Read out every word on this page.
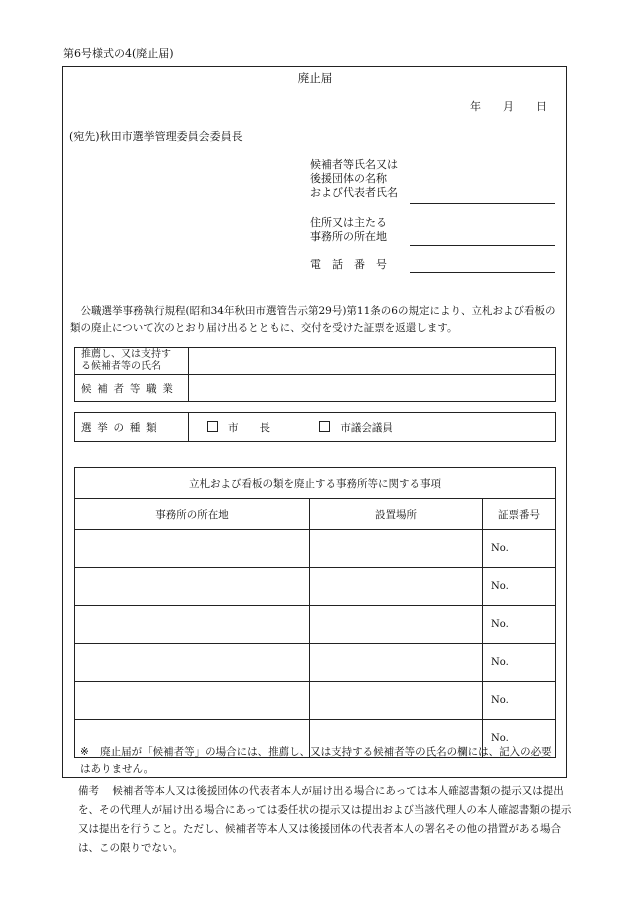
第6号様式の4(廃止届)
廃止届
年 月 日
(宛先)秋田市選挙管理委員会委員長
候補者等氏名又は
後援団体の名称
および代表者氏名
住所又は主たる
事務所の所在地
電　話　番　号
公職選挙事務執行規程(昭和34年秋田市選管告示第29号)第11条の6の規定により、立札および看板の類の廃止について次のとおり届け出るとともに、交付を受けた証票を返還します。
推薦し、又は支持す
る候補者等の氏名	

候補者等職業	
選挙の種類	市　　長	市議会議員
立札および看板の類を廃止する事務所等に関する事項		
事務所の所在地	設置場所	証票番号
		No.
		No.
		No.
		No.
		No.
		No.
※ 廃止届が「候補者等」の場合には、推薦し、又は支持する候補者等の氏名の欄には、記入の必要はありません。
備考 候補者等本人又は後援団体の代表者本人が届け出る場合にあっては本人確認書類の提示又は提出を、その代理人が届け出る場合にあっては委任状の提示又は提出および当該代理人の本人確認書類の提示又は提出を行うこと。ただし、候補者等本人又は後援団体の代表者本人の署名その他の措置がある場合は、この限りでない。
